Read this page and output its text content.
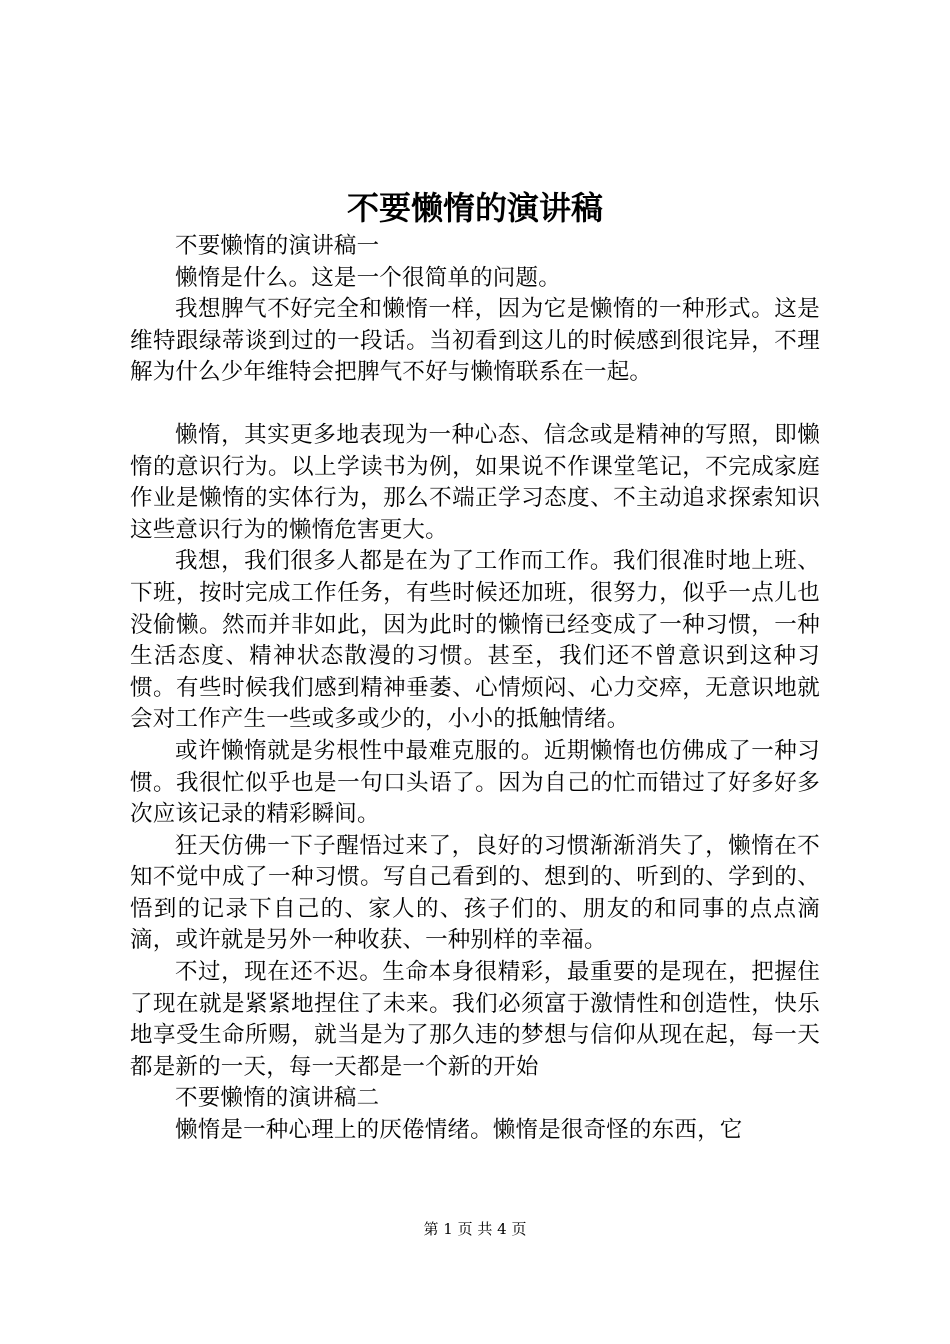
不要懒惰的演讲稿

不要懒惰的演讲稿一

懒惰是什么。这是一个很简单的问题。

我想脾气不好完全和懒惰一样，因为它是懒惰的一种形式。这是维特跟绿蒂谈到过的一段话。当初看到这儿的时候感到很诧异，不理解为什么少年维特会把脾气不好与懒惰联系在一起。

懒惰，其实更多地表现为一种心态、信念或是精神的写照，即懒惰的意识行为。以上学读书为例，如果说不作课堂笔记，不完成家庭作业是懒惰的实体行为，那么不端正学习态度、不主动追求探索知识这些意识行为的懒惰危害更大。

我想，我们很多人都是在为了工作而工作。我们很准时地上班、下班，按时完成工作任务，有些时候还加班，很努力，似乎一点儿也没偷懒。然而并非如此，因为此时的懒惰已经变成了一种习惯，一种生活态度、精神状态散漫的习惯。甚至，我们还不曾意识到这种习惯。有些时候我们感到精神垂萎、心情烦闷、心力交瘁，无意识地就会对工作产生一些或多或少的，小小的抵触情绪。

或许懒惰就是劣根性中最难克服的。近期懒惰也仿佛成了一种习惯。我很忙似乎也是一句口头语了。因为自己的忙而错过了好多好多次应该记录的精彩瞬间。

狂天仿佛一下子醒悟过来了，良好的习惯渐渐消失了，懒惰在不知不觉中成了一种习惯。写自己看到的、想到的、听到的、学到的、悟到的记录下自己的、家人的、孩子们的、朋友的和同事的点点滴滴，或许就是另外一种收获、一种别样的幸福。

不过，现在还不迟。生命本身很精彩，最重要的是现在，把握住了现在就是紧紧地捏住了未来。我们必须富于激情性和创造性，快乐地享受生命所赐，就当是为了那久违的梦想与信仰从现在起，每一天都是新的一天，每一天都是一个新的开始

不要懒惰的演讲稿二

懒惰是一种心理上的厌倦情绪。懒惰是很奇怪的东西，它

第 1 页 共 4 页
